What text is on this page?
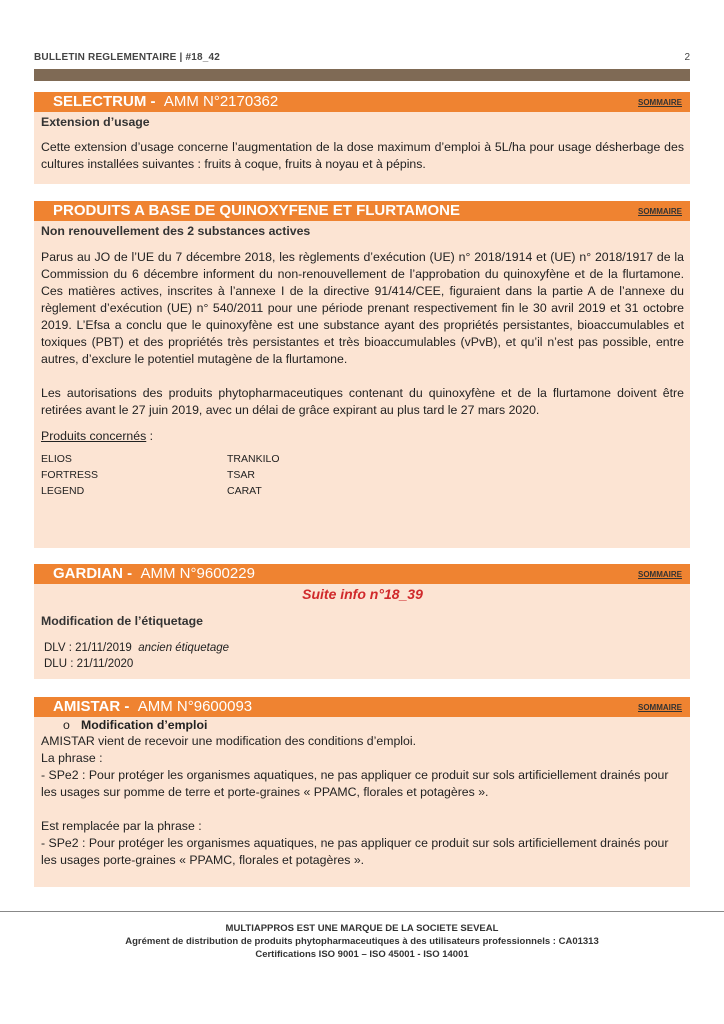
BULLETIN REGLEMENTAIRE | #18_42	2
SELECTRUM - AMM N°2170362	SOMMAIRE
Extension d’usage
Cette extension d’usage concerne l’augmentation de la dose maximum d’emploi à 5L/ha pour usage désherbage des cultures installées suivantes : fruits à coque, fruits à noyau et à pépins.
PRODUITS A BASE DE QUINOXYFENE ET FLURTAMONE	SOMMAIRE
Non renouvellement des 2 substances actives
Parus au JO de l’UE du 7 décembre 2018, les règlements d’exécution (UE) n° 2018/1914 et (UE) n° 2018/1917 de la Commission du 6 décembre informent du non-renouvellement de l’approbation du quinoxyfène et de la flurtamone. Ces matières actives, inscrites à l’annexe I de la directive 91/414/CEE, figuraient dans la partie A de l’annexe du règlement d’exécution (UE) n° 540/2011 pour une période prenant respectivement fin le 30 avril 2019 et 31 octobre 2019. L’Efsa a conclu que le quinoxyfène est une substance ayant des propriétés persistantes, bioaccumulables et toxiques (PBT) et des propriétés très persistantes et très bioaccumulables (vPvB), et qu’il n’est pas possible, entre autres, d’exclure le potentiel mutagène de la flurtamone.
Les autorisations des produits phytopharmaceutiques contenant du quinoxyfène et de la flurtamone doivent être retirées avant le 27 juin 2019, avec un délai de grâce expirant au plus tard le 27 mars 2020.
Produits concernés :
ELIOS	TRANKILO
FORTRESS	TSAR
LEGEND	CARAT
GARDIAN - AMM N°9600229	SOMMAIRE
Suite info n°18_39
Modification de l’étiquetage
DLV : 21/11/2019 ancien étiquetage
DLU : 21/11/2020
AMISTAR - AMM N°9600093	SOMMAIRE
o Modification d’emploi
AMISTAR vient de recevoir une modification des conditions d’emploi.
La phrase :
- SPe2 : Pour protéger les organismes aquatiques, ne pas appliquer ce produit sur sols artificiellement drainés pour les usages sur pomme de terre et porte-graines « PPAMC, florales et potagères ».
Est remplacée par la phrase :
- SPe2 : Pour protéger les organismes aquatiques, ne pas appliquer ce produit sur sols artificiellement drainés pour les usages porte-graines « PPAMC, florales et potagères ».
MULTIAPPROS EST UNE MARQUE DE LA SOCIETE SEVEAL
Agrément de distribution de produits phytopharmaceutiques à des utilisateurs professionnels : CA01313
Certifications ISO 9001 – ISO 45001 - ISO 14001
